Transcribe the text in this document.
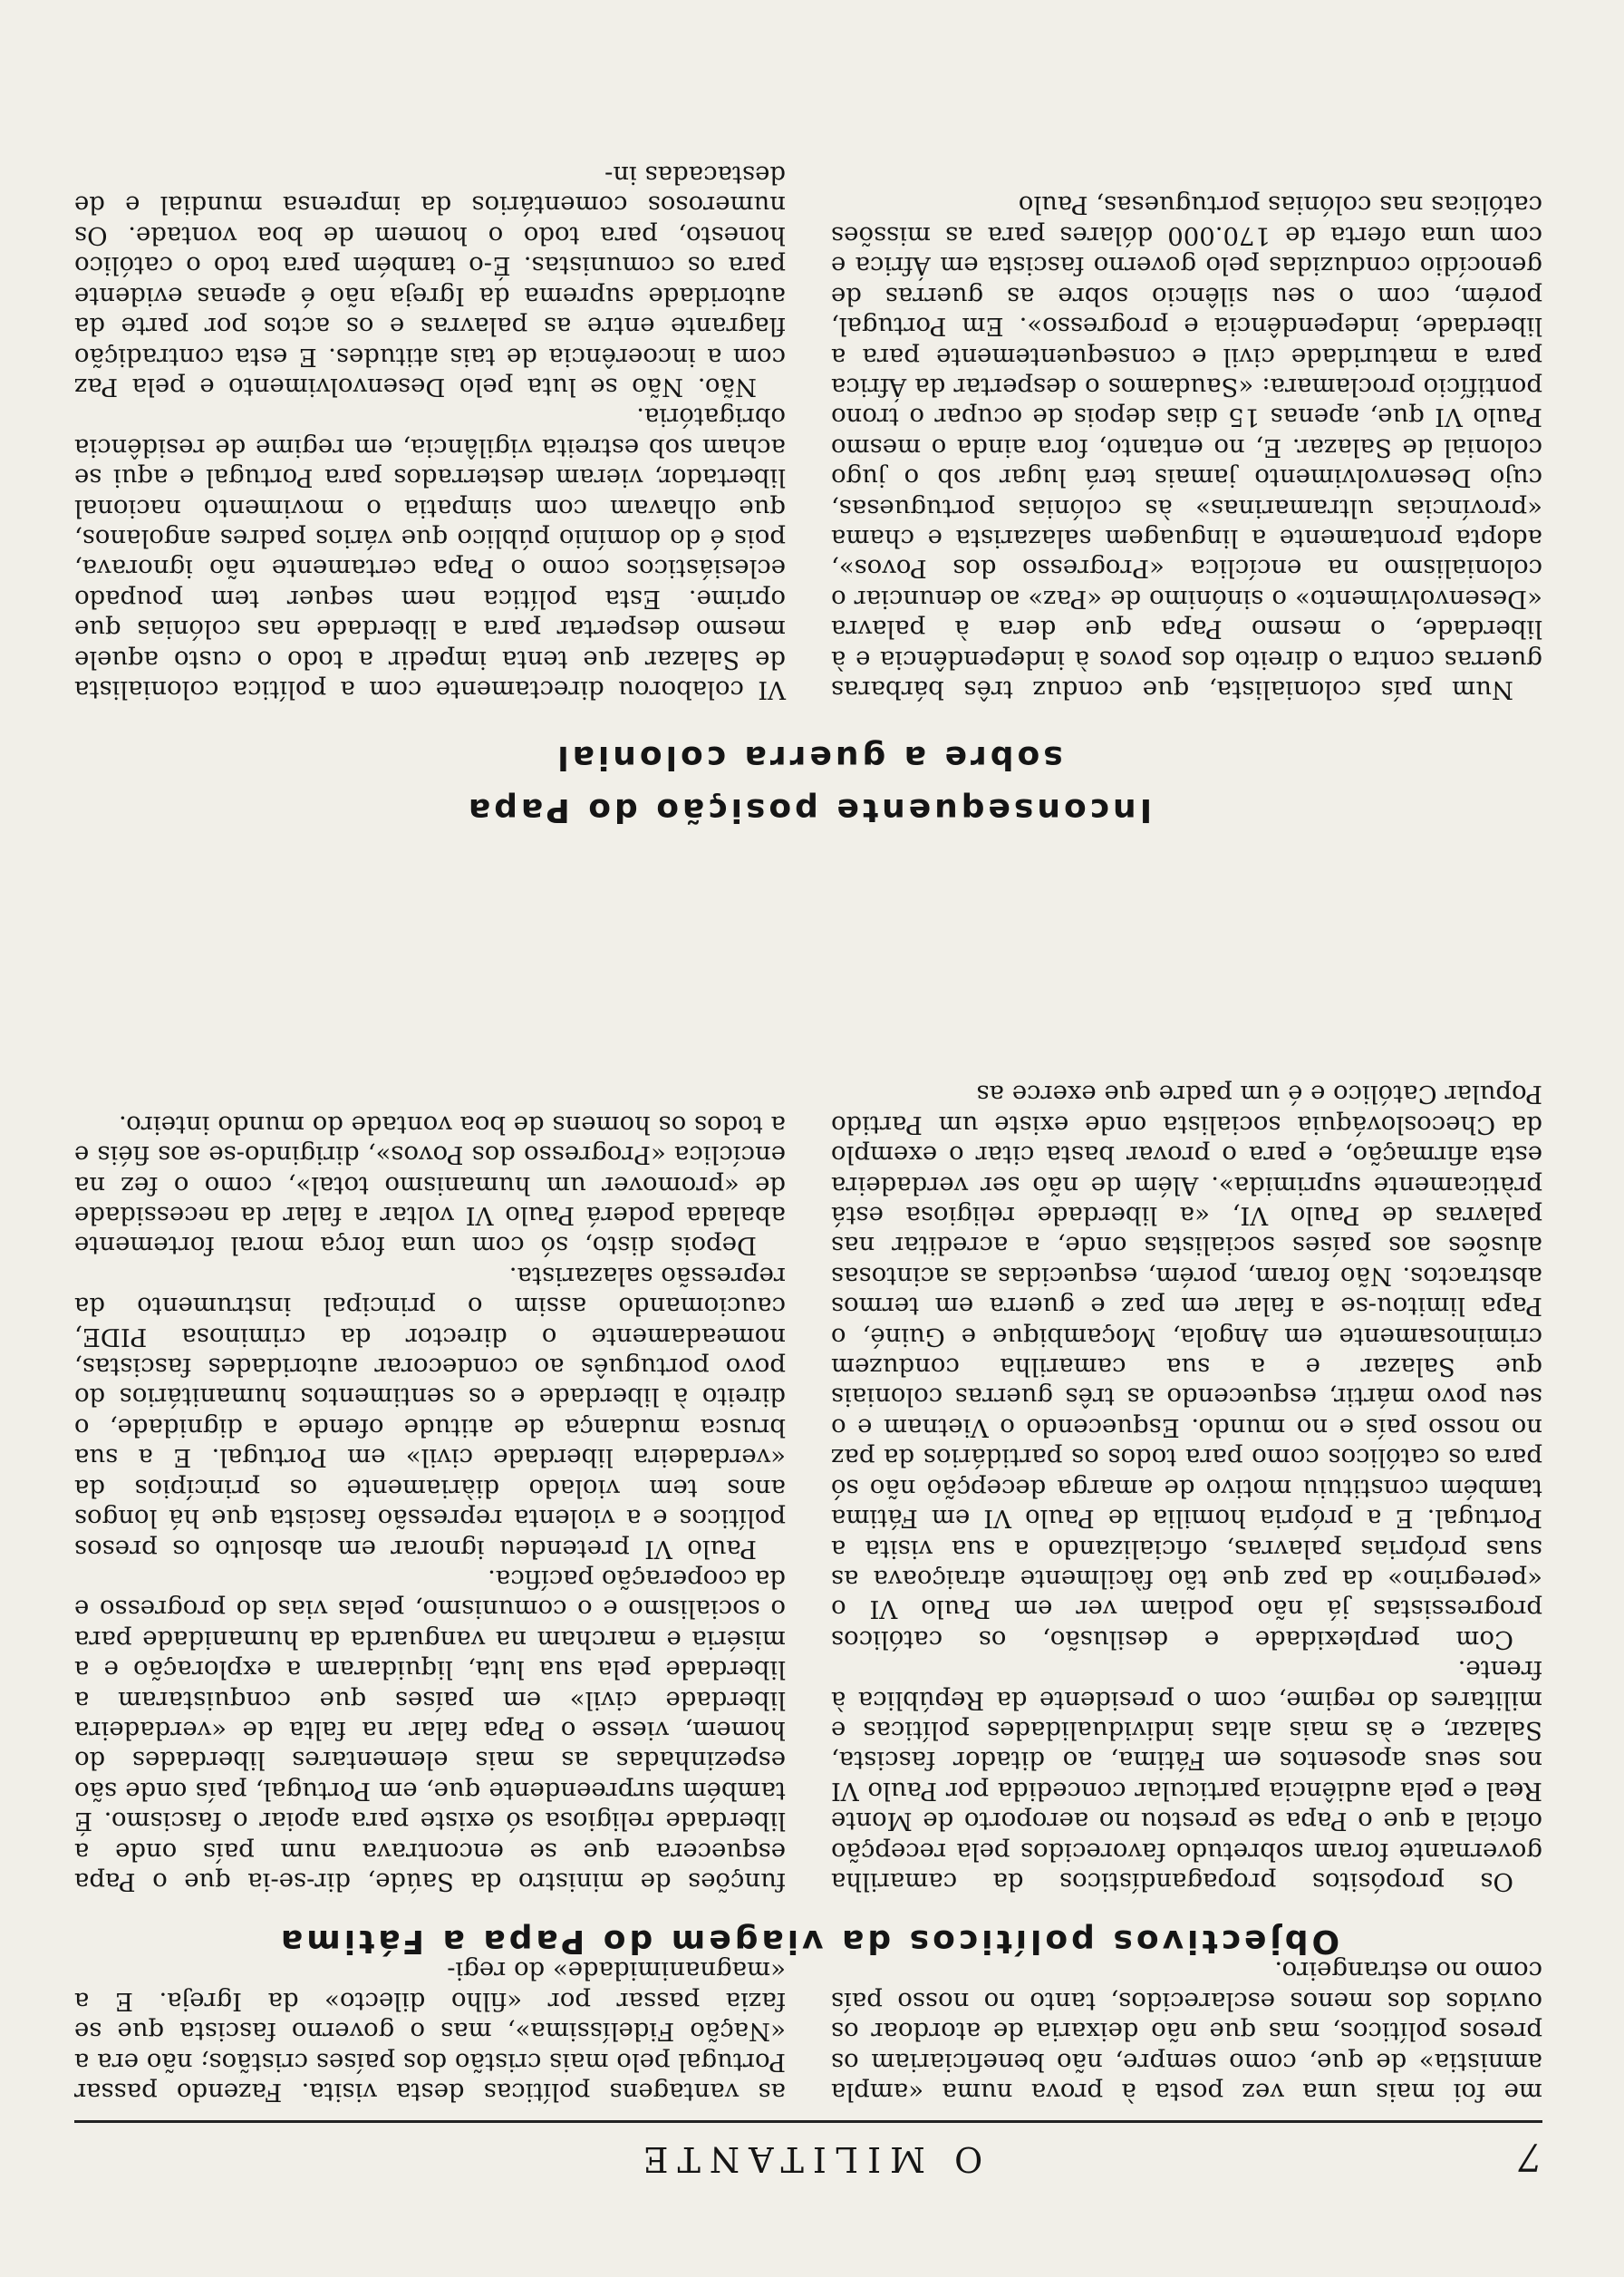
7
O MILITANTE

me foi mais uma vez posta à prova numa «ampla amnistia» de que, como sempre, não beneficiariam os presos políticos, mas que não deixaria de atordoar os ouvidos dos menos esclarecidos, tanto no nosso país como no estrangeiro.

as vantagens políticas desta visita. Fazendo passar Portugal pelo mais cristão dos países cristãos; não era a «Nação Fidelíssima», mas o governo fascista que se fazia passar por «filho dilecto» da Igreja. E a «magnanimidade» do regi-

Objectivos políticos da viagem do Papa a Fátima

Os propósitos propagandísticos da camarilha governante foram sobretudo favorecidos pela recepção oficial a que o Papa se prestou no aeroporto de Monte Real e pela audiência particular concedida por Paulo VI nos seus aposentos em Fátima, ao ditador fascista, Salazar, e às mais altas individualidades políticas e militares do regime, com o presidente da República à frente.

Com perplexidade e desilusão, os católicos progressistas já não podiam ver em Paulo VI o «peregrino» da paz que tão fàcilmente atraiçoava as suas próprias palavras, oficializando a sua visita a Portugal. E a própria homilia de Paulo VI em Fátima também constituiu motivo de amarga decepção não só para os católicos como para todos os partidários da paz no nosso país e no mundo. Esquecendo o Vietnam e o seu povo mártir, esquecendo as três guerras coloniais que Salazar e a sua camarilha conduzem criminosamente em Angola, Moçambique e Guiné, o Papa limitou-se a falar em paz e guerra em termos abstractos. Não foram, porém, esquecidas as acintosas alusões aos países socialistas onde, a acreditar nas palavras de Paulo VI, «a liberdade religiosa está pràticamente suprimida». Além de não ser verdadeira esta afirmação, e para o provar basta citar o exemplo da Checoslováquia socialista onde existe um Partido Popular Católico e é um padre que exerce as

funções de ministro da Saúde, dir-se-ia que o Papa esquecera que se encontrava num país onde a liberdade religiosa só existe para apoiar o fascismo. É também surpreendente que, em Portugal, país onde são espezinhadas as mais elementares liberdades do homem, viesse o Papa falar na falta de «verdadeira liberdade civil» em países que conquistaram a liberdade pela sua luta, liquidaram a exploração e a miséria e marcham na vanguarda da humanidade para o socialismo e o comunismo, pelas vias do progresso e da cooperação pacífica.

Paulo VI pretendeu ignorar em absoluto os presos políticos e a violenta repressão fascista que há longos anos tem violado diàriamente os princípios da «verdadeira liberdade civil» em Portugal. E a sua brusca mudança de atitude ofende a dignidade, o direito à liberdade e os sentimentos humanitários do povo português ao condecorar autoridades fascistas, nomeadamente o director da criminosa PIDE, cauciomando assim o principal instrumento da repressão salazarista.

Depois disto, só com uma força moral fortemente abalada poderá Paulo VI voltar a falar da necessidade de «promover um humanismo total», como o fez na encíclica «Progresso dos Povos», dirigindo-se aos fiéis e a todos os homens de boa vontade do mundo inteiro.

Inconsequente posição do Papa
sobre a guerra colonial

Num país colonialista, que conduz três bárbaras guerras contra o direito dos povos à independência e à liberdade, o mesmo Papa que dera à palavra «Desenvolvimento» o sinónimo de «Paz» ao denunciar o colonialismo na encíclica «Progresso dos Povos», adopta prontamente a linguagem salazarista e chama «províncias ultramarinas» às colónias portuguesas, cujo Desenvolvimento jamais terá lugar sob o jugo colonial de Salazar. E, no entanto, fora ainda o mesmo Paulo VI que, apenas 15 dias depois de ocupar o trono pontifício proclamara: «Saudamos o despertar da África para a maturidade civil e consequentemente para a liberdade, independência e progresso». Em Portugal, porém, com o seu silêncio sobre as guerras de genocídio conduzidas pelo governo fascista em África e com uma oferta de 170.000 dólares para as missões católicas nas colónias portuguesas, Paulo

VI colaborou directamente com a política colonialista de Salazar que tenta impedir a todo o custo aquele mesmo despertar para a liberdade nas colónias que oprime. Esta política nem sequer tem poupado eclesiásticos como o Papa certamente não ignorava, pois é do domínio público que vários padres angolanos, que olhavam com simpatia o movimento nacional libertador, vieram desterrados para Portugal e aqui se acham sob estreita vigilância, em regime de residência obrigatória.

Não. Não se luta pelo Desenvolvimento e pela Paz com a incoerência de tais atitudes. E esta contradição flagrante entre as palavras e os actos por parte da autoridade suprema da Igreja não é apenas evidente para os comunistas. É-o também para todo o católico honesto, para todo o homem de boa vontade. Os numerosos comentários da imprensa mundial e de destacadas in-
